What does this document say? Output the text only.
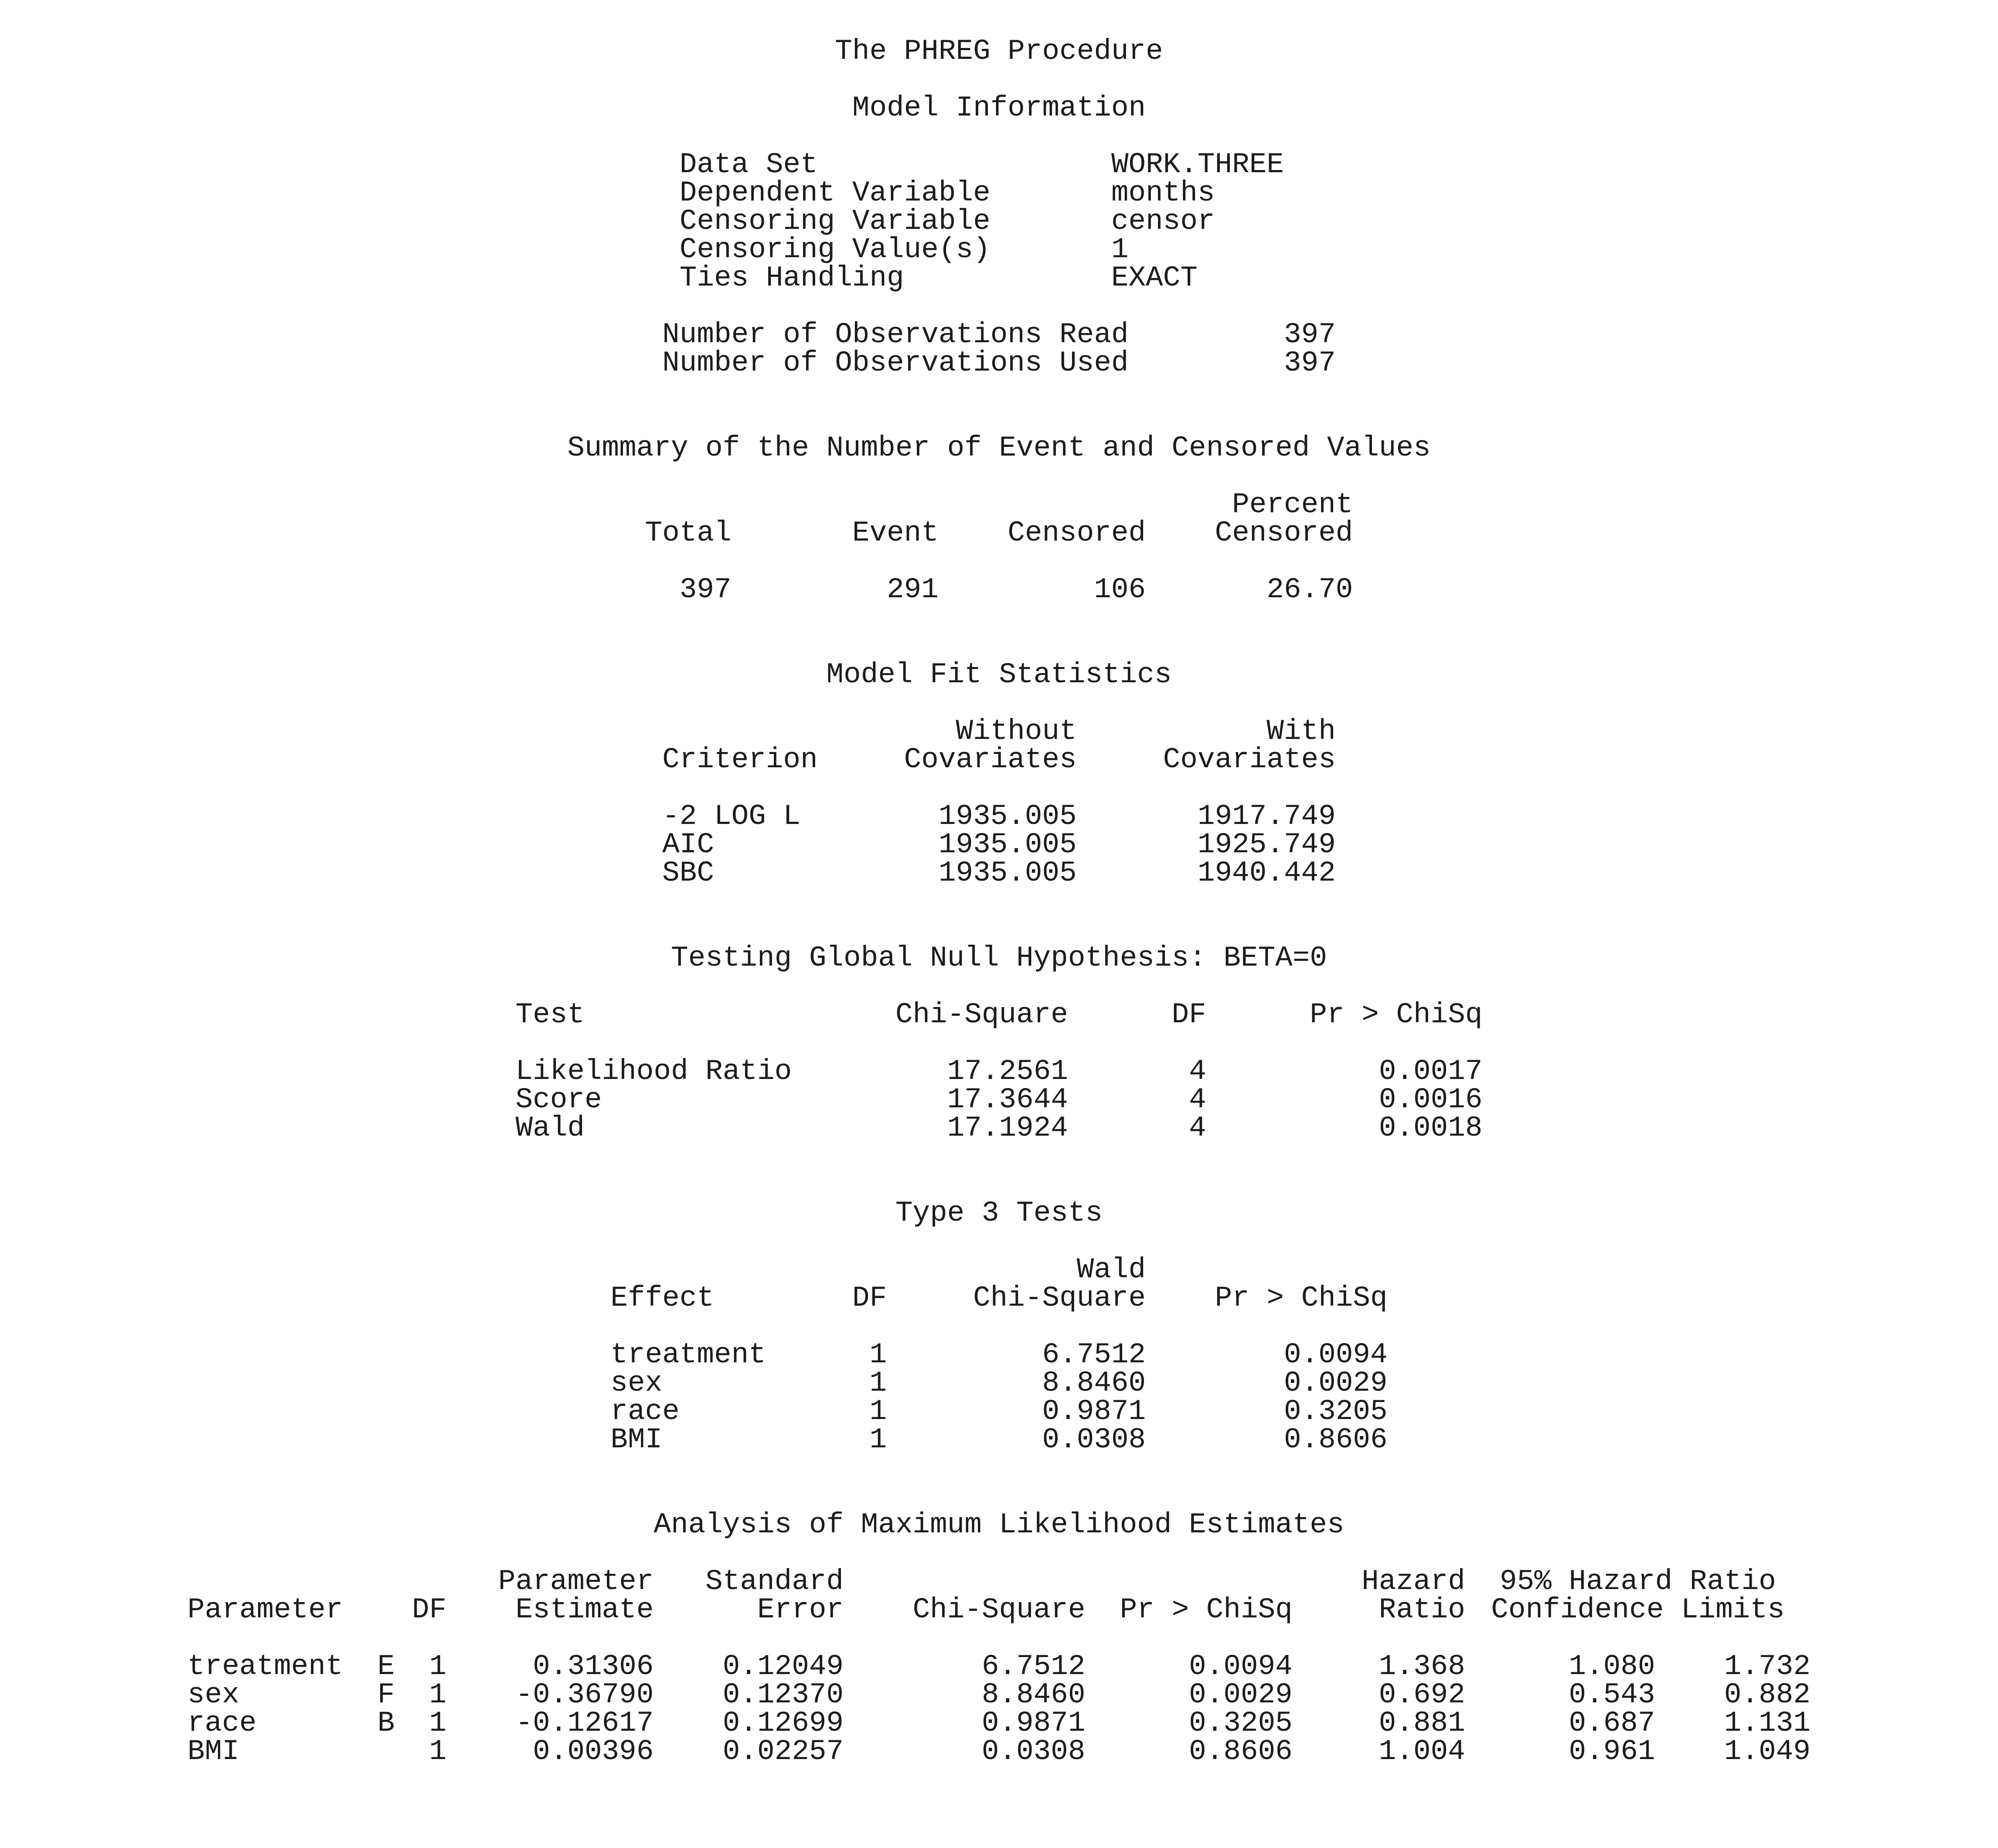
The PHREG Procedure
Model Information
Data Set	WORK.THREE
Dependent Variable	months
Censoring Variable	censor
Censoring Value(s)	1
Ties Handling	EXACT
Number of Observations Read	397
Number of Observations Used	397
Summary of the Number of Event and Censored Values
			Percent
Total	Event	Censored	Censored
397	291	106	26.70
Model Fit Statistics
	Without	With
Criterion	Covariates	Covariates
-2 LOG L	1935.005	1917.749
AIC	1935.005	1925.749
SBC	1935.005	1940.442
Testing Global Null Hypothesis: BETA=0
Test	Chi-Square	DF	Pr > ChiSq
Likelihood Ratio	17.2561	4	0.0017
Score	17.3644	4	0.0016
Wald	17.1924	4	0.0018
Type 3 Tests
		Wald	
Effect	DF	Chi-Square	Pr > ChiSq
treatment	1	6.7512	0.0094
sex	1	8.8460	0.0029
race	1	0.9871	0.3205
BMI	1	0.0308	0.8606
Analysis of Maximum Likelihood Estimates
			Parameter	Standard			Hazard	95% Hazard Ratio	
Parameter		DF	Estimate	Error	Chi-Square	Pr > ChiSq	Ratio	Confidence Limits	
treatment	E	1	0.31306	0.12049	6.7512	0.0094	1.368	1.080	1.732
sex	F	1	-0.36790	0.12370	8.8460	0.0029	0.692	0.543	0.882
race	B	1	-0.12617	0.12699	0.9871	0.3205	0.881	0.687	1.131
BMI		1	0.00396	0.02257	0.0308	0.8606	1.004	0.961	1.049
